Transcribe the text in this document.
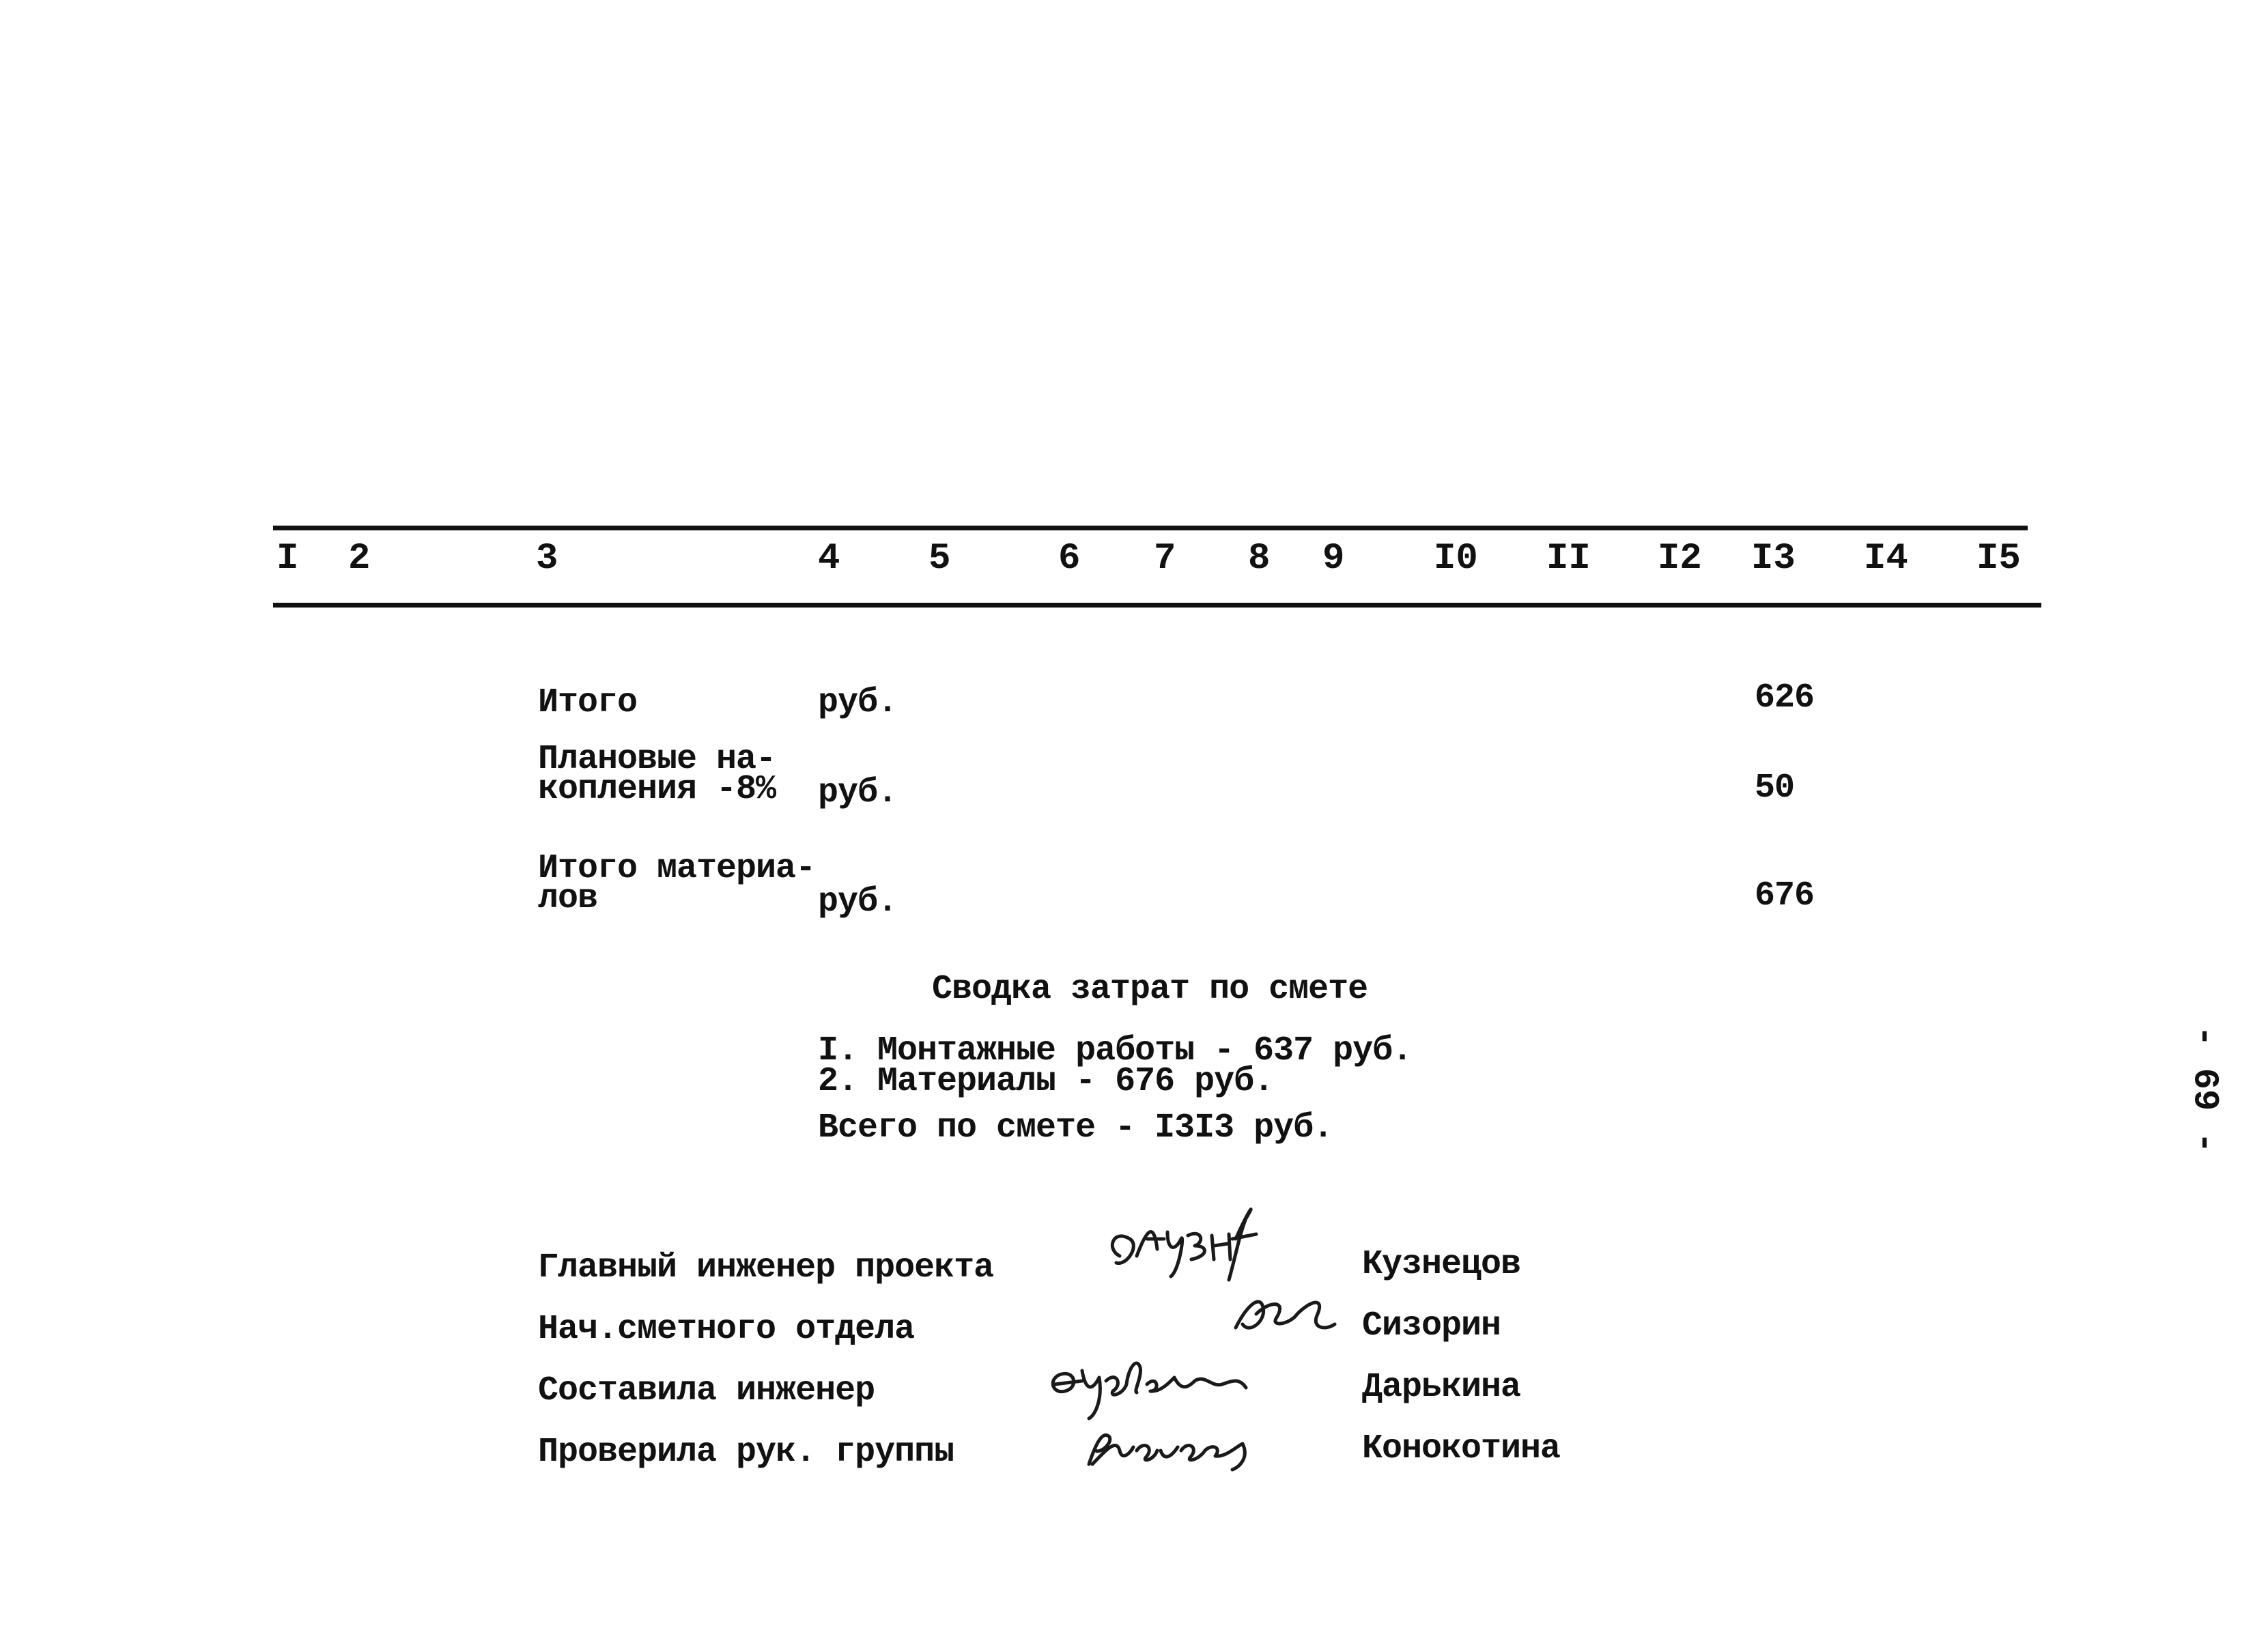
I 2	3	4 5	6 7 8 9 I0 II I2 I3 I4 I5
Итого	руб.	626
Плановые на-
копления -8% руб.	50
Итого материа-
лов	руб.	676
Сводка затрат по смете
I. Монтажные работы - 637 руб.
2. Материалы - 676 руб.
Всего по смете - I3I3 руб.
Главный инженер проекта	Кузнецов
Нач.сметного отдела	Сизорин
Составила инженер	Дарькина
Проверила рук. группы	Конокотина
- 69 -
